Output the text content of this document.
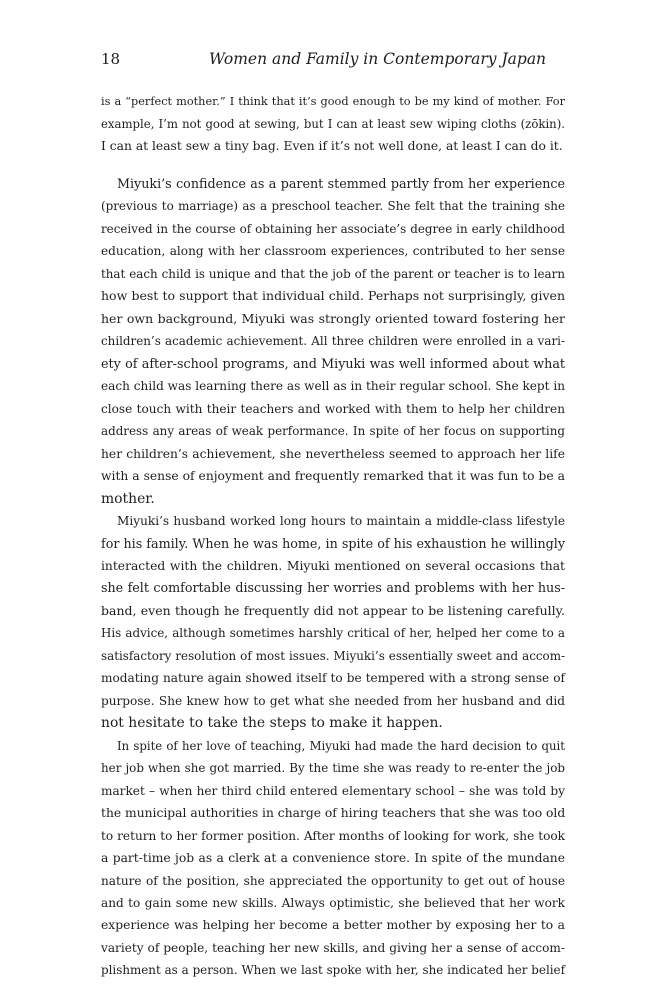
18	Women and Family in Contemporary Japan
is a “perfect mother.” I think that it’s good enough to be my kind of mother. For
example, I’m not good at sewing, but I can at least sew wiping cloths (zōkin).
I can at least sew a tiny bag. Even if it’s not well done, at least I can do it.
Miyuki’s confidence as a parent stemmed partly from her experience
(previous to marriage) as a preschool teacher. She felt that the training she
received in the course of obtaining her associate’s degree in early childhood
education, along with her classroom experiences, contributed to her sense
that each child is unique and that the job of the parent or teacher is to learn
how best to support that individual child. Perhaps not surprisingly, given
her own background, Miyuki was strongly oriented toward fostering her
children’s academic achievement. All three children were enrolled in a vari-
ety of after-school programs, and Miyuki was well informed about what
each child was learning there as well as in their regular school. She kept in
close touch with their teachers and worked with them to help her children
address any areas of weak performance. In spite of her focus on supporting
her children’s achievement, she nevertheless seemed to approach her life
with a sense of enjoyment and frequently remarked that it was fun to be a
mother.
Miyuki’s husband worked long hours to maintain a middle-class lifestyle
for his family. When he was home, in spite of his exhaustion he willingly
interacted with the children. Miyuki mentioned on several occasions that
she felt comfortable discussing her worries and problems with her hus-
band, even though he frequently did not appear to be listening carefully.
His advice, although sometimes harshly critical of her, helped her come to a
satisfactory resolution of most issues. Miyuki’s essentially sweet and accom-
modating nature again showed itself to be tempered with a strong sense of
purpose. She knew how to get what she needed from her husband and did
not hesitate to take the steps to make it happen.
In spite of her love of teaching, Miyuki had made the hard decision to quit
her job when she got married. By the time she was ready to re-enter the job
market – when her third child entered elementary school – she was told by
the municipal authorities in charge of hiring teachers that she was too old
to return to her former position. After months of looking for work, she took
a part-time job as a clerk at a convenience store. In spite of the mundane
nature of the position, she appreciated the opportunity to get out of house
and to gain some new skills. Always optimistic, she believed that her work
experience was helping her become a better mother by exposing her to a
variety of people, teaching her new skills, and giving her a sense of accom-
plishment as a person. When we last spoke with her, she indicated her belief
